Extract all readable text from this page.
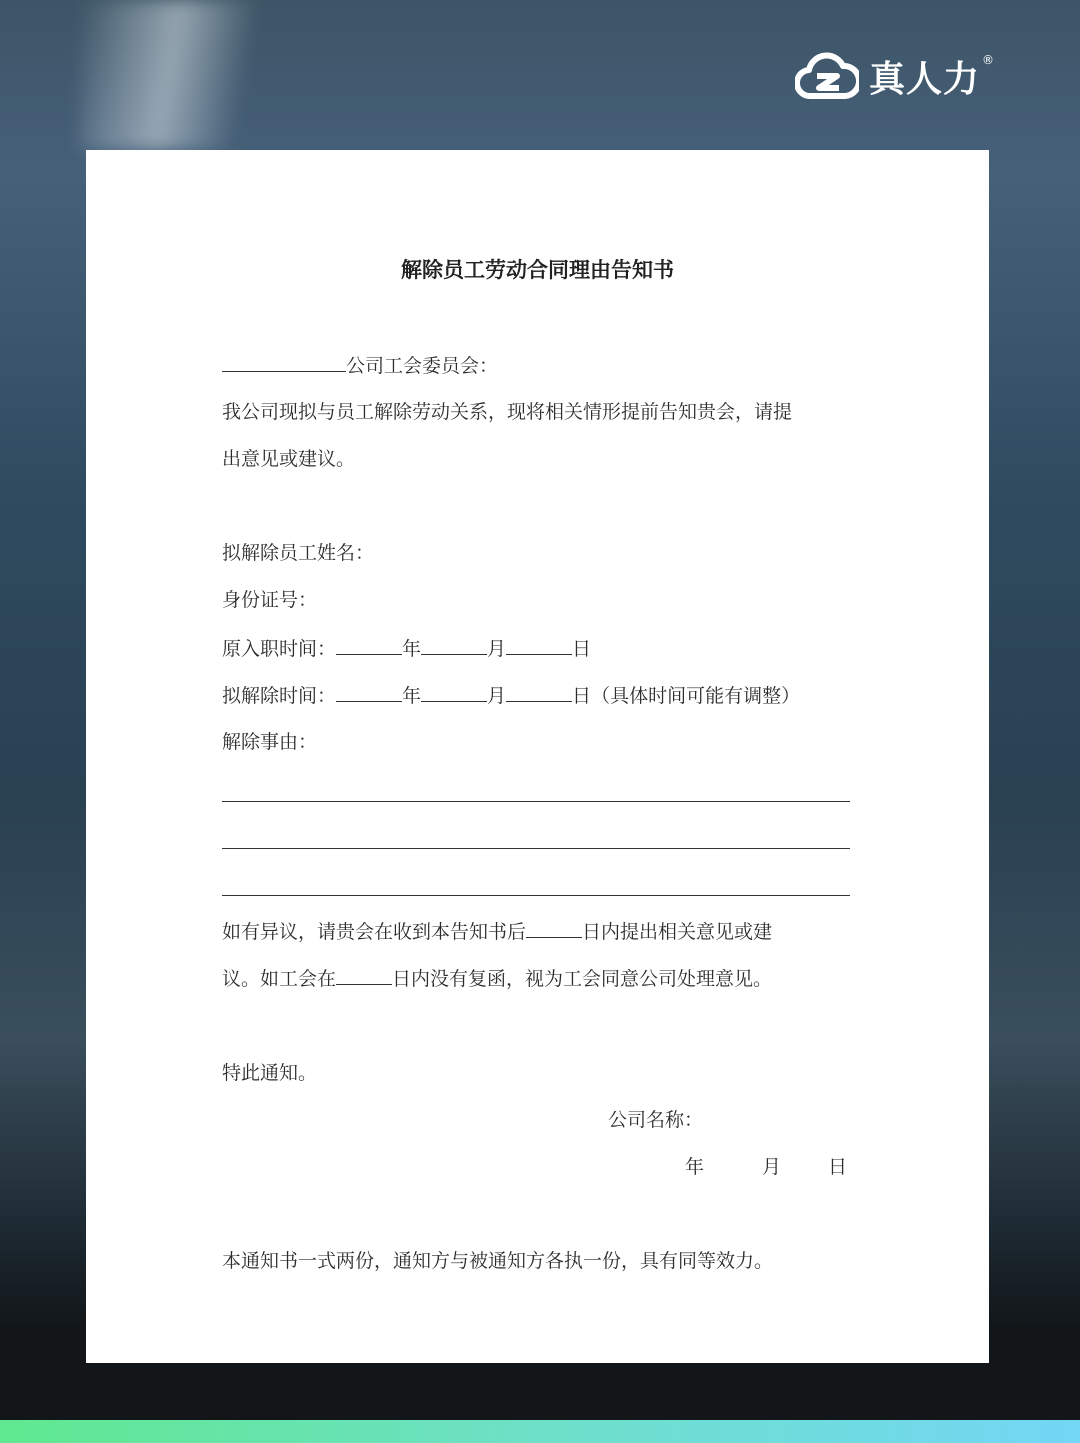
真人力 ®
解除员工劳动合同理由告知书
公司工会委员会：
我公司现拟与员工解除劳动关系，现将相关情形提前告知贵会，请提
出意见或建议。
拟解除员工姓名：
身份证号：
原入职时间：	年	月	日
拟解除时间：	年	月	日（具体时间可能有调整）
解除事由：
如有异议，请贵会在收到本告知书后	日内提出相关意见或建
议。如工会在	日内没有复函，视为工会同意公司处理意见。
特此通知。
公司名称：
年	月 日
本通知书一式两份，通知方与被通知方各执一份，具有同等效力。
